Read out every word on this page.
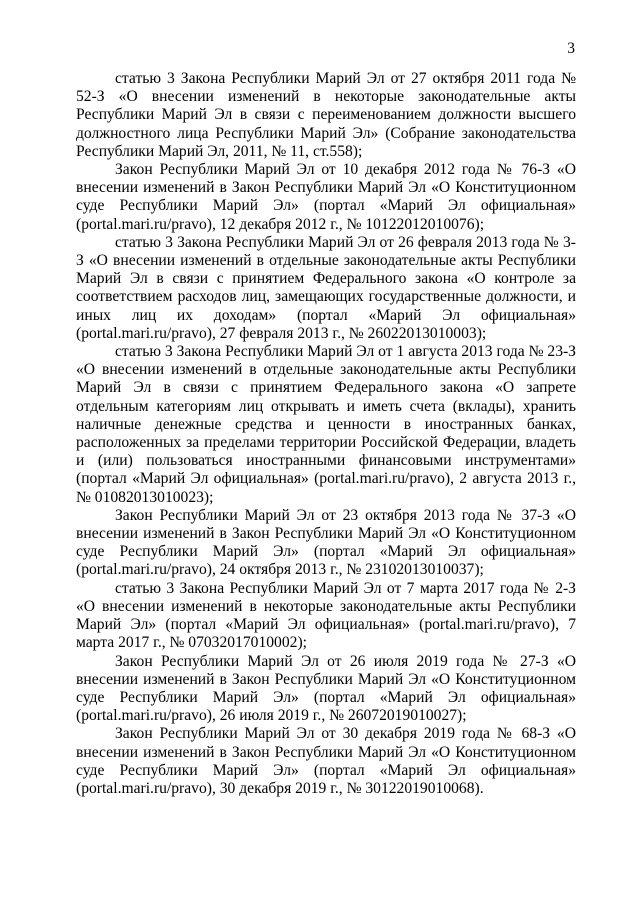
3

статью 3 Закона Республики Марий Эл от 27 октября 2011 года № 52-З «О внесении изменений в некоторые законодательные акты Республики Марий Эл в связи с переименованием должности высшего должностного лица Республики Марий Эл» (Собрание законодательства Республики Марий Эл, 2011, № 11, ст.558);

Закон Республики Марий Эл от 10 декабря 2012 года № 76-З «О внесении изменений в Закон Республики Марий Эл «О Конституционном суде Республики Марий Эл» (портал «Марий Эл официальная» (portal.mari.ru/pravo), 12 декабря 2012 г., № 10122012010076);

статью 3 Закона Республики Марий Эл от 26 февраля 2013 года № 3-З «О внесении изменений в отдельные законодательные акты Республики Марий Эл в связи с принятием Федерального закона «О контроле за соответствием расходов лиц, замещающих государственные должности, и иных лиц их доходам» (портал «Марий Эл официальная» (portal.mari.ru/pravo), 27 февраля 2013 г., № 26022013010003);

статью 3 Закона Республики Марий Эл от 1 августа 2013 года № 23-З «О внесении изменений в отдельные законодательные акты Республики Марий Эл в связи с принятием Федерального закона «О запрете отдельным категориям лиц открывать и иметь счета (вклады), хранить наличные денежные средства и ценности в иностранных банках, расположенных за пределами территории Российской Федерации, владеть и (или) пользоваться иностранными финансовыми инструментами» (портал «Марий Эл официальная» (portal.mari.ru/pravo), 2 августа 2013 г., № 01082013010023);

Закон Республики Марий Эл от 23 октября 2013 года № 37-З «О внесении изменений в Закон Республики Марий Эл «О Конституционном суде Республики Марий Эл» (портал «Марий Эл официальная» (portal.mari.ru/pravo), 24 октября 2013 г., № 23102013010037);

статью 3 Закона Республики Марий Эл от 7 марта 2017 года № 2-З «О внесении изменений в некоторые законодательные акты Республики Марий Эл» (портал «Марий Эл официальная» (portal.mari.ru/pravo), 7 марта 2017 г., № 07032017010002);

Закон Республики Марий Эл от 26 июля 2019 года № 27-З «О внесении изменений в Закон Республики Марий Эл «О Конституционном суде Республики Марий Эл» (портал «Марий Эл официальная» (portal.mari.ru/pravo), 26 июля 2019 г., № 26072019010027);

Закон Республики Марий Эл от 30 декабря 2019 года № 68-З «О внесении изменений в Закон Республики Марий Эл «О Конституционном суде Республики Марий Эл» (портал «Марий Эл официальная» (portal.mari.ru/pravo), 30 декабря 2019 г., № 30122019010068).
